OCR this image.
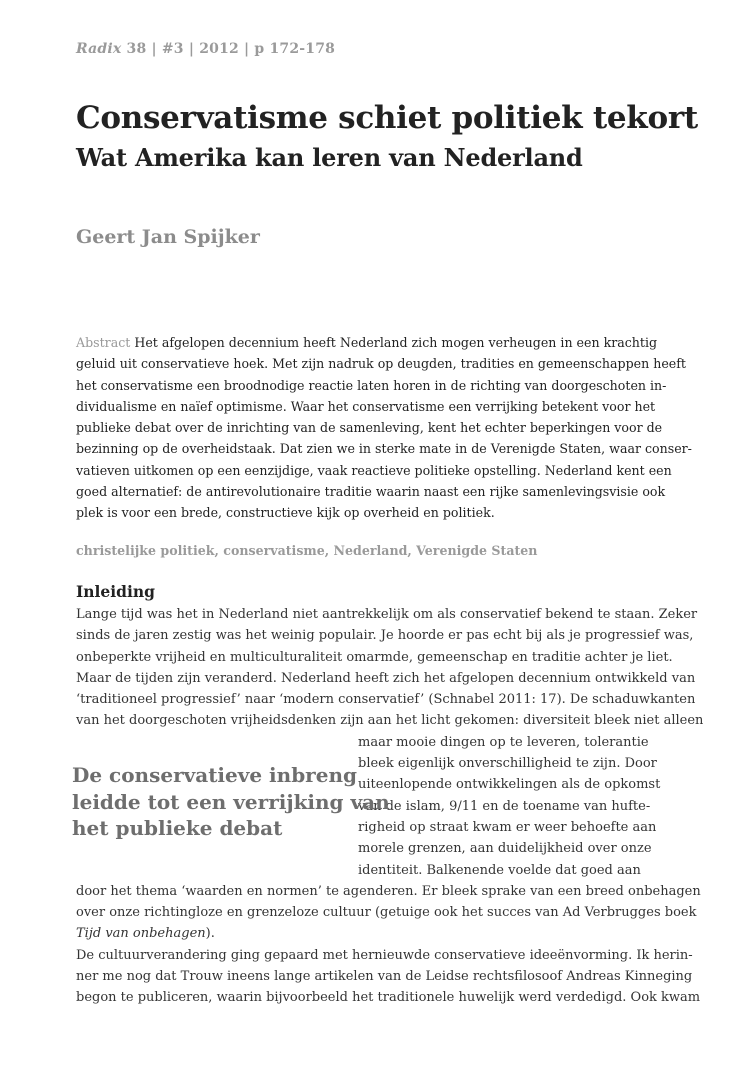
Radix 38 | #3 | 2012 | p 172-178
Conservatisme schiet politiek tekort
Wat Amerika kan leren van Nederland
Geert Jan Spijker
Abstract Het afgelopen decennium heeft Nederland zich mogen verheugen in een krachtig
geluid uit conservatieve hoek. Met zijn nadruk op deugden, tradities en gemeenschappen heeft
het conservatisme een broodnodige reactie laten horen in de richting van doorgeschoten in-
dividualisme en naïef optimisme. Waar het conservatisme een verrijking betekent voor het
publieke debat over de inrichting van de samenleving, kent het echter beperkingen voor de
bezinning op de overheidstaak. Dat zien we in sterke mate in de Verenigde Staten, waar conser-
vatieven uitkomen op een eenzijdige, vaak reactieve politieke opstelling. Nederland kent een
goed alternatief: de antirevolutionaire traditie waarin naast een rijke samenlevingsvisie ook
plek is voor een brede, constructieve kijk op overheid en politiek.
christelijke politiek, conservatisme, Nederland, Verenigde Staten
Inleiding
Lange tijd was het in Nederland niet aantrekkelijk om als conservatief bekend te staan. Zeker
sinds de jaren zestig was het weinig populair. Je hoorde er pas echt bij als je progressief was,
onbeperkte vrijheid en multiculturaliteit omarmde, gemeenschap en traditie achter je liet.
Maar de tijden zijn veranderd. Nederland heeft zich het afgelopen decennium ontwikkeld van
‘traditioneel progressief’ naar ‘modern conservatief’ (Schnabel 2011: 17). De schaduwkanten
van het doorgeschoten vrijheidsdenken zijn aan het licht gekomen: diversiteit bleek niet alleen
maar mooie dingen op te leveren, tolerantie
bleek eigenlijk onverschilligheid te zijn. Door
uiteenlopende ontwikkelingen als de opkomst
van de islam, 9/11 en de toename van hufte-
righeid op straat kwam er weer behoefte aan
morele grenzen, aan duidelijkheid over onze
identiteit. Balkenende voelde dat goed aan
door het thema ‘waarden en normen’ te agenderen. Er bleek sprake van een breed onbehagen
over onze richtingloze en grenzeloze cultuur (getuige ook het succes van Ad Verbrugges boek
Tijd van onbehagen).
De cultuurverandering ging gepaard met hernieuwde conservatieve ideeënvorming. Ik herin-
ner me nog dat Trouw ineens lange artikelen van de Leidse rechtsfilosoof Andreas Kinneging
begon te publiceren, waarin bijvoorbeeld het traditionele huwelijk werd verdedigd. Ook kwam
De conservatieve inbreng
leidde tot een verrijking van
het publieke debat
